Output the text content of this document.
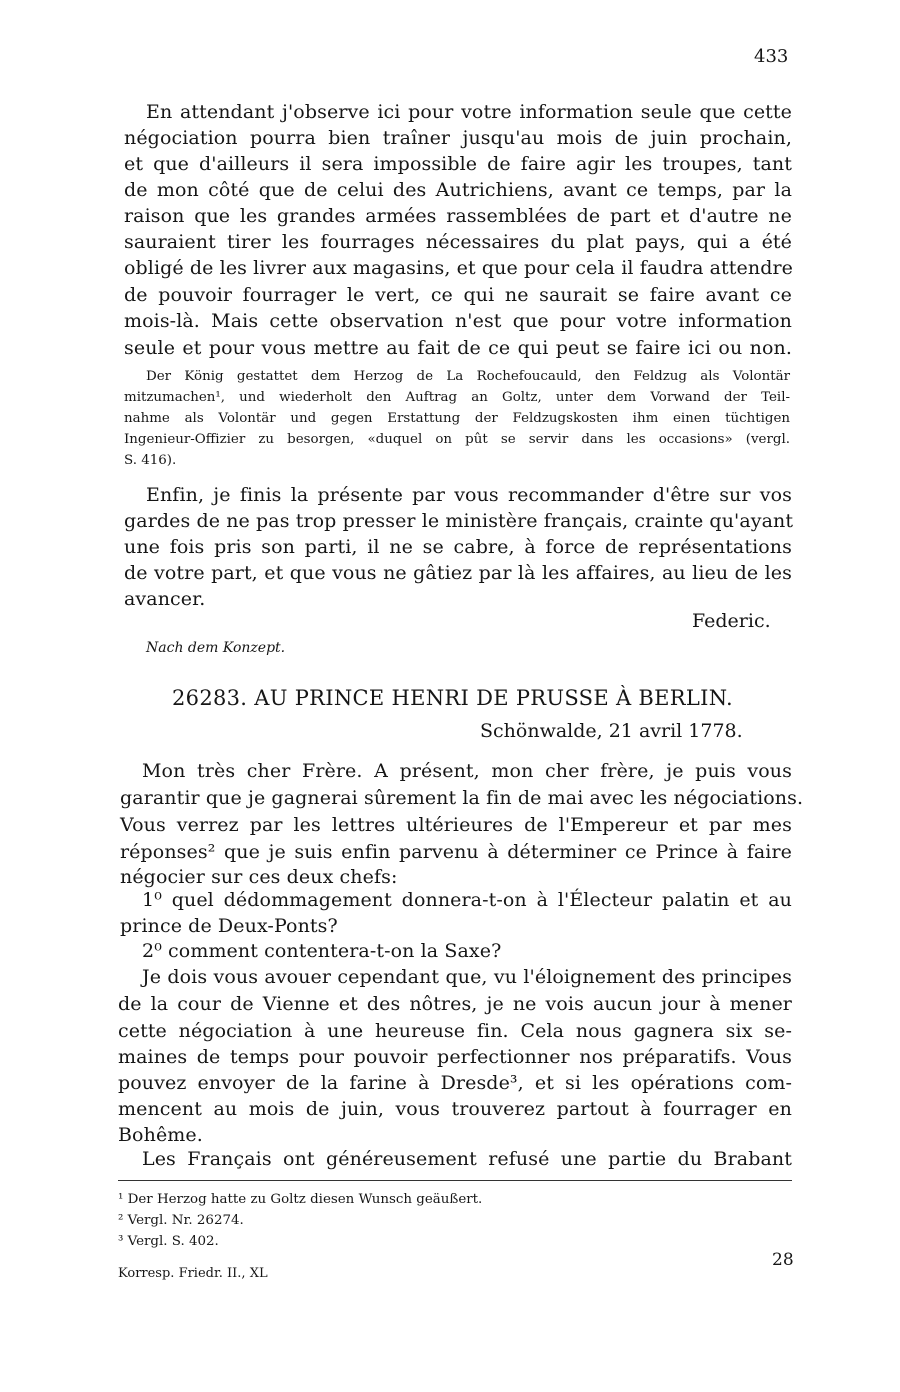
433
En attendant j'observe ici pour votre information seule que cette
négociation pourra bien traîner jusqu'au mois de juin prochain,
et que d'ailleurs il sera impossible de faire agir les troupes, tant
de mon côté que de celui des Autrichiens, avant ce temps, par la
raison que les grandes armées rassemblées de part et d'autre ne
sauraient tirer les fourrages nécessaires du plat pays, qui a été
obligé de les livrer aux magasins, et que pour cela il faudra attendre
de pouvoir fourrager le vert, ce qui ne saurait se faire avant ce
mois-là. Mais cette observation n'est que pour votre information
seule et pour vous mettre au fait de ce qui peut se faire ici ou non.
Der König gestattet dem Herzog de La Rochefoucauld, den Feldzug als Volontär
mitzumachen¹, und wiederholt den Auftrag an Goltz, unter dem Vorwand der Teil-
nahme als Volontär und gegen Erstattung der Feldzugskosten ihm einen tüchtigen
Ingenieur-Offizier zu besorgen, «duquel on pût se servir dans les occasions» (vergl.
S. 416).
Enfin, je finis la présente par vous recommander d'être sur vos
gardes de ne pas trop presser le ministère français, crainte qu'ayant
une fois pris son parti, il ne se cabre, à force de représentations
de votre part, et que vous ne gâtiez par là les affaires, au lieu de les
avancer.
Federic.
Nach dem Konzept.
26283. AU PRINCE HENRI DE PRUSSE À BERLIN.
Schönwalde, 21 avril 1778.
Mon très cher Frère. A présent, mon cher frère, je puis vous
garantir que je gagnerai sûrement la fin de mai avec les négociations.
Vous verrez par les lettres ultérieures de l'Empereur et par mes
réponses² que je suis enfin parvenu à déterminer ce Prince à faire
négocier sur ces deux chefs:
1⁰ quel dédommagement donnera-t-on à l'Électeur palatin et au
prince de Deux-Ponts?
2⁰ comment contentera-t-on la Saxe?
Je dois vous avouer cependant que, vu l'éloignement des principes
de la cour de Vienne et des nôtres, je ne vois aucun jour à mener
cette négociation à une heureuse fin. Cela nous gagnera six se-
maines de temps pour pouvoir perfectionner nos préparatifs. Vous
pouvez envoyer de la farine à Dresde³, et si les opérations com-
mencent au mois de juin, vous trouverez partout à fourrager en
Bohême.
Les Français ont généreusement refusé une partie du Brabant
¹ Der Herzog hatte zu Goltz diesen Wunsch geäußert.
² Vergl. Nr. 26274.
³ Vergl. S. 402.
28
Korresp. Friedr. II., XL
